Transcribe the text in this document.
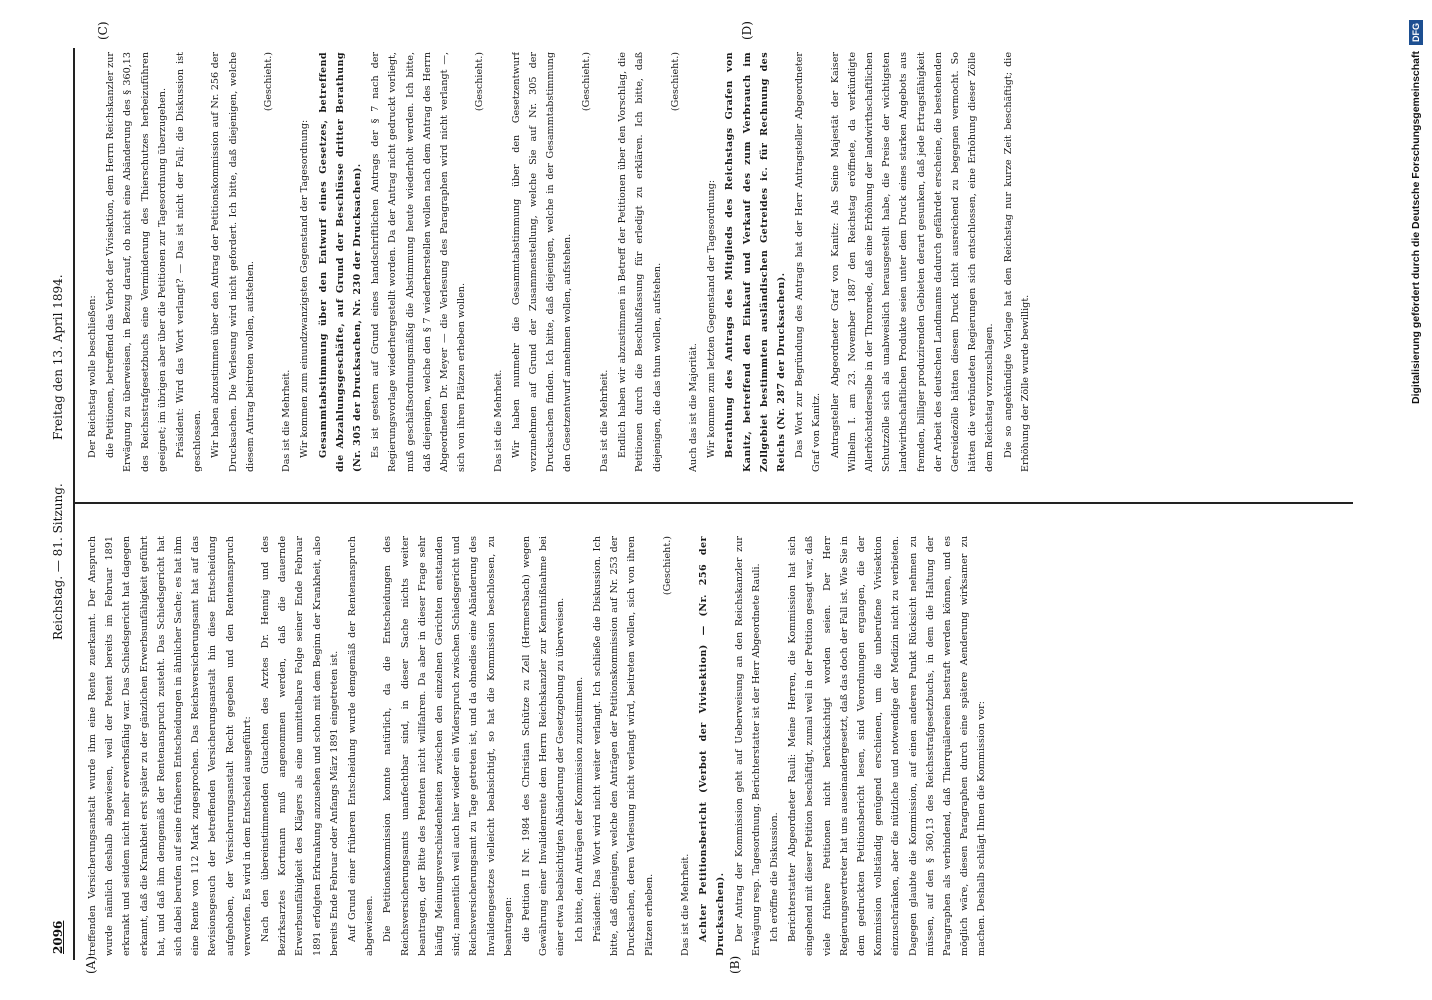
2096
Reichstag. — 81. Sitzung.
Freitag den 13. April 1894.
(A)	(B)
(C)	(D)

treffenden Versicherungsanstalt wurde ihm eine Rente zuerkannt. Der Anspruch wurde nämlich deshalb abgewiesen, weil der Petent bereits im Februar 1891 erkrankt und seitdem nicht mehr erwerbsfähig war. Das Schiedsgericht hat dagegen erkannt, daß die Krankheit erst später zu der gänzlichen Erwerbsunfähigkeit geführt hat, und daß ihm demgemäß der Rentenanspruch zusteht. Das Schiedsgericht hat sich dabei berufen auf seine früheren Entscheidungen in ähnlicher Sache; es hat ihm eine Rente von 112 Mark zugesprochen. Das Reichsversicherungsamt hat auf das Revisionsgesuch der betreffenden Versicherungsanstalt hin diese Entscheidung aufgehoben, der Versicherungsanstalt Recht gegeben und den Rentenanspruch verworfen. Es wird in dem Entscheid ausgeführt: Nach den übereinstimmenden Gutachten des Arztes Dr. Hennig und des Bezirksarztes Kortmann muß angenommen werden, daß die dauernde Erwerbsunfähigkeit des Klägers als eine unmittelbare Folge seiner Ende Februar 1891 erfolgten Erkrankung anzusehen und schon mit dem Beginn der Krankheit, also bereits Ende Februar oder Anfangs März 1891 eingetreten ist. Auf Grund einer früheren Entscheidung wurde demgemäß der Rentenanspruch abgewiesen. Die Petitionskommission konnte natürlich, da die Entscheidungen des Reichsversicherungsamts unanfechtbar sind, in dieser Sache nichts weiter beantragen, der Bitte des Petenten nicht willfahren. Da aber in dieser Frage sehr häufig Meinungsverschiedenheiten zwischen den einzelnen Gerichten entstanden sind; namentlich weil auch hier wieder ein Widerspruch zwischen Schiedsgericht und Reichsversicherungsamt zu Tage getreten ist, und da ohnedies eine Abänderung des Invalidengesetzes vielleicht beabsichtigt, so hat die Kommission beschlossen, zu beantragen: die Petition II Nr. 1984 des Christian Schütze zu Zell (Hermersbach) wegen Gewährung einer Invalidenrente dem Herrn Reichskanzler zur Kenntnißnahme bei einer etwa beabsichtigten Abänderung der Gesetzgebung zu überweisen. Ich bitte, den Anträgen der Kommission zuzustimmen. Präsident: Das Wort wird nicht weiter verlangt. Ich schließe die Diskussion. Ich bitte, daß diejenigen, welche den Anträgen der Petitionskommission auf Nr. 253 der Drucksachen, deren Verlesung nicht verlangt wird, beitreten wollen, sich von ihren Plätzen erheben.

(Geschieht.)

Das ist die Mehrheit. Achter Petitionsbericht (Verbot der Vivisektion) — (Nr. 256 der Drucksachen). Der Antrag der Kommission geht auf Ueberweisung an den Reichskanzler zur Erwägung resp. Tagesordnung. Berichterstatter ist der Herr Abgeordnete Rauli. Ich eröffne die Diskussion. Berichterstatter Abgeordneter Rauli: Meine Herren, die Kommission hat sich eingehend mit dieser Petition beschäftigt, zumal weil in der Petition gesagt war, daß viele frühere Petitionen nicht berücksichtigt worden seien. Der Herr Regierungsvertreter hat uns auseinandergesetzt, daß das doch der Fall ist. Wie Sie in dem gedruckten Petitionsbericht lesen, sind Verordnungen ergangen, die der Kommission vollständig genügend erschienen, um die unberufene Vivisektion einzuschränken, aber die nützliche und notwendige der Medizin nicht zu verbieten. Dagegen glaubte die Kommission, auf einen anderen Punkt Rücksicht nehmen zu müssen, auf den § 360,13 des Reichsstrafgesetzbuchs, in dem die Haltung der Paragraphen als verbindend, daß Thierquälereien bestraft werden können, und es möglich wäre, diesen Paragraphen durch eine spätere Aenderung wirksamer zu machen. Deshalb schlägt Ihnen die Kommission vor:

Der Reichstag wolle beschließen: die Petitionen, betreffend das Verbot der Vivisektion, dem Herrn Reichskanzler zur Erwägung zu überweisen, in Bezug darauf, ob nicht eine Abänderung des § 360,13 des Reichsstrafgesetzbuchs eine Verminderung des Thierschutzes herbeizuführen geeignet; im übrigen aber über die Petitionen zur Tagesordnung überzugehen. Präsident: Wird das Wort verlangt? — Das ist nicht der Fall; die Diskussion ist geschlossen. Wir haben abzustimmen über den Antrag der Petitionskommission auf Nr. 256 der Drucksachen. Die Verlesung wird nicht gefordert. Ich bitte, daß diejenigen, welche diesem Antrag beitreten wollen, aufstehen.

(Geschieht.)

Das ist die Mehrheit. Wir kommen zum einundzwanzigsten Gegenstand der Tagesordnung: Gesammtabstimmung über den Entwurf eines Gesetzes, betreffend die Abzahlungsgeschäfte, auf Grund der Beschlüsse dritter Berathung (Nr. 305 der Drucksachen, Nr. 230 der Drucksachen). Es ist gestern auf Grund eines handschriftlichen Antrags der § 7 nach der Regierungsvorlage wiederhergestellt worden. Da der Antrag nicht gedruckt vorliegt, muß geschäftsordnungsmäßig die Abstimmung heute wiederholt werden. Ich bitte, daß diejenigen, welche den § 7 wiederherstellen wollen nach dem Antrag des Herrn Abgeordneten Dr. Meyer — die Verlesung des Paragraphen wird nicht verlangt —, sich von ihren Plätzen erheben wollen.

(Geschieht.)

Das ist die Mehrheit. Wir haben nunmehr die Gesammtabstimmung über den Gesetzentwurf vorzunehmen auf Grund der Zusammenstellung, welche Sie auf Nr. 305 der Drucksachen finden. Ich bitte, daß diejenigen, welche in der Gesammtabstimmung den Gesetzentwurf annehmen wollen, aufstehen.

(Geschieht.)

Das ist die Mehrheit. Endlich haben wir abzustimmen in Betreff der Petitionen über den Vorschlag, die Petitionen durch die Beschlußfassung für erledigt zu erklären. Ich bitte, daß diejenigen, die das thun wollen, aufstehen.

(Geschieht.)

Auch das ist die Majorität. Wir kommen zum letzten Gegenstand der Tagesordnung: Berathung des Antrags des Mitglieds des Reichstags Grafen von Kanitz, betreffend den Einkauf und Verkauf des zum Verbrauch im Zollgebiet bestimmten ausländischen Getreides ic. für Rechnung des Reichs (Nr. 287 der Drucksachen). Das Wort zur Begründung des Antrags hat der Herr Antragsteller Abgeordneter Graf von Kanitz. Antragsteller Abgeordneter Graf von Kanitz: Als Seine Majestät der Kaiser Wilhelm I. am 23. November 1887 den Reichstag eröffnete, da verkündigte Allerhöchstderselbe in der Thronrede, daß eine Erhöhung der landwirthschaftlichen Schutzzölle sich als unabweislich herausgestellt habe, die Preise der wichtigsten landwirthschaftlichen Produkte seien unter dem Druck eines starken Angebots aus fremden, billiger produzirenden Gebieten derart gesunken, daß jede Ertragsfähigkeit der Arbeit des deutschen Landmanns dadurch gefährdet erscheine, die bestehenden Getreidezölle hätten diesem Druck nicht ausreichend zu begegnen vermocht. So hätten die verbündeten Regierungen sich entschlossen, eine Erhöhung dieser Zölle dem Reichstag vorzuschlagen. Die so angekündigte Vorlage hat den Reichstag nur kurze Zeit beschäftigt; die Erhöhung der Zölle wurde bewilligt.	Digitalisierung gefördert durch die Deutsche Forschungsgemeinschaft
DFG
